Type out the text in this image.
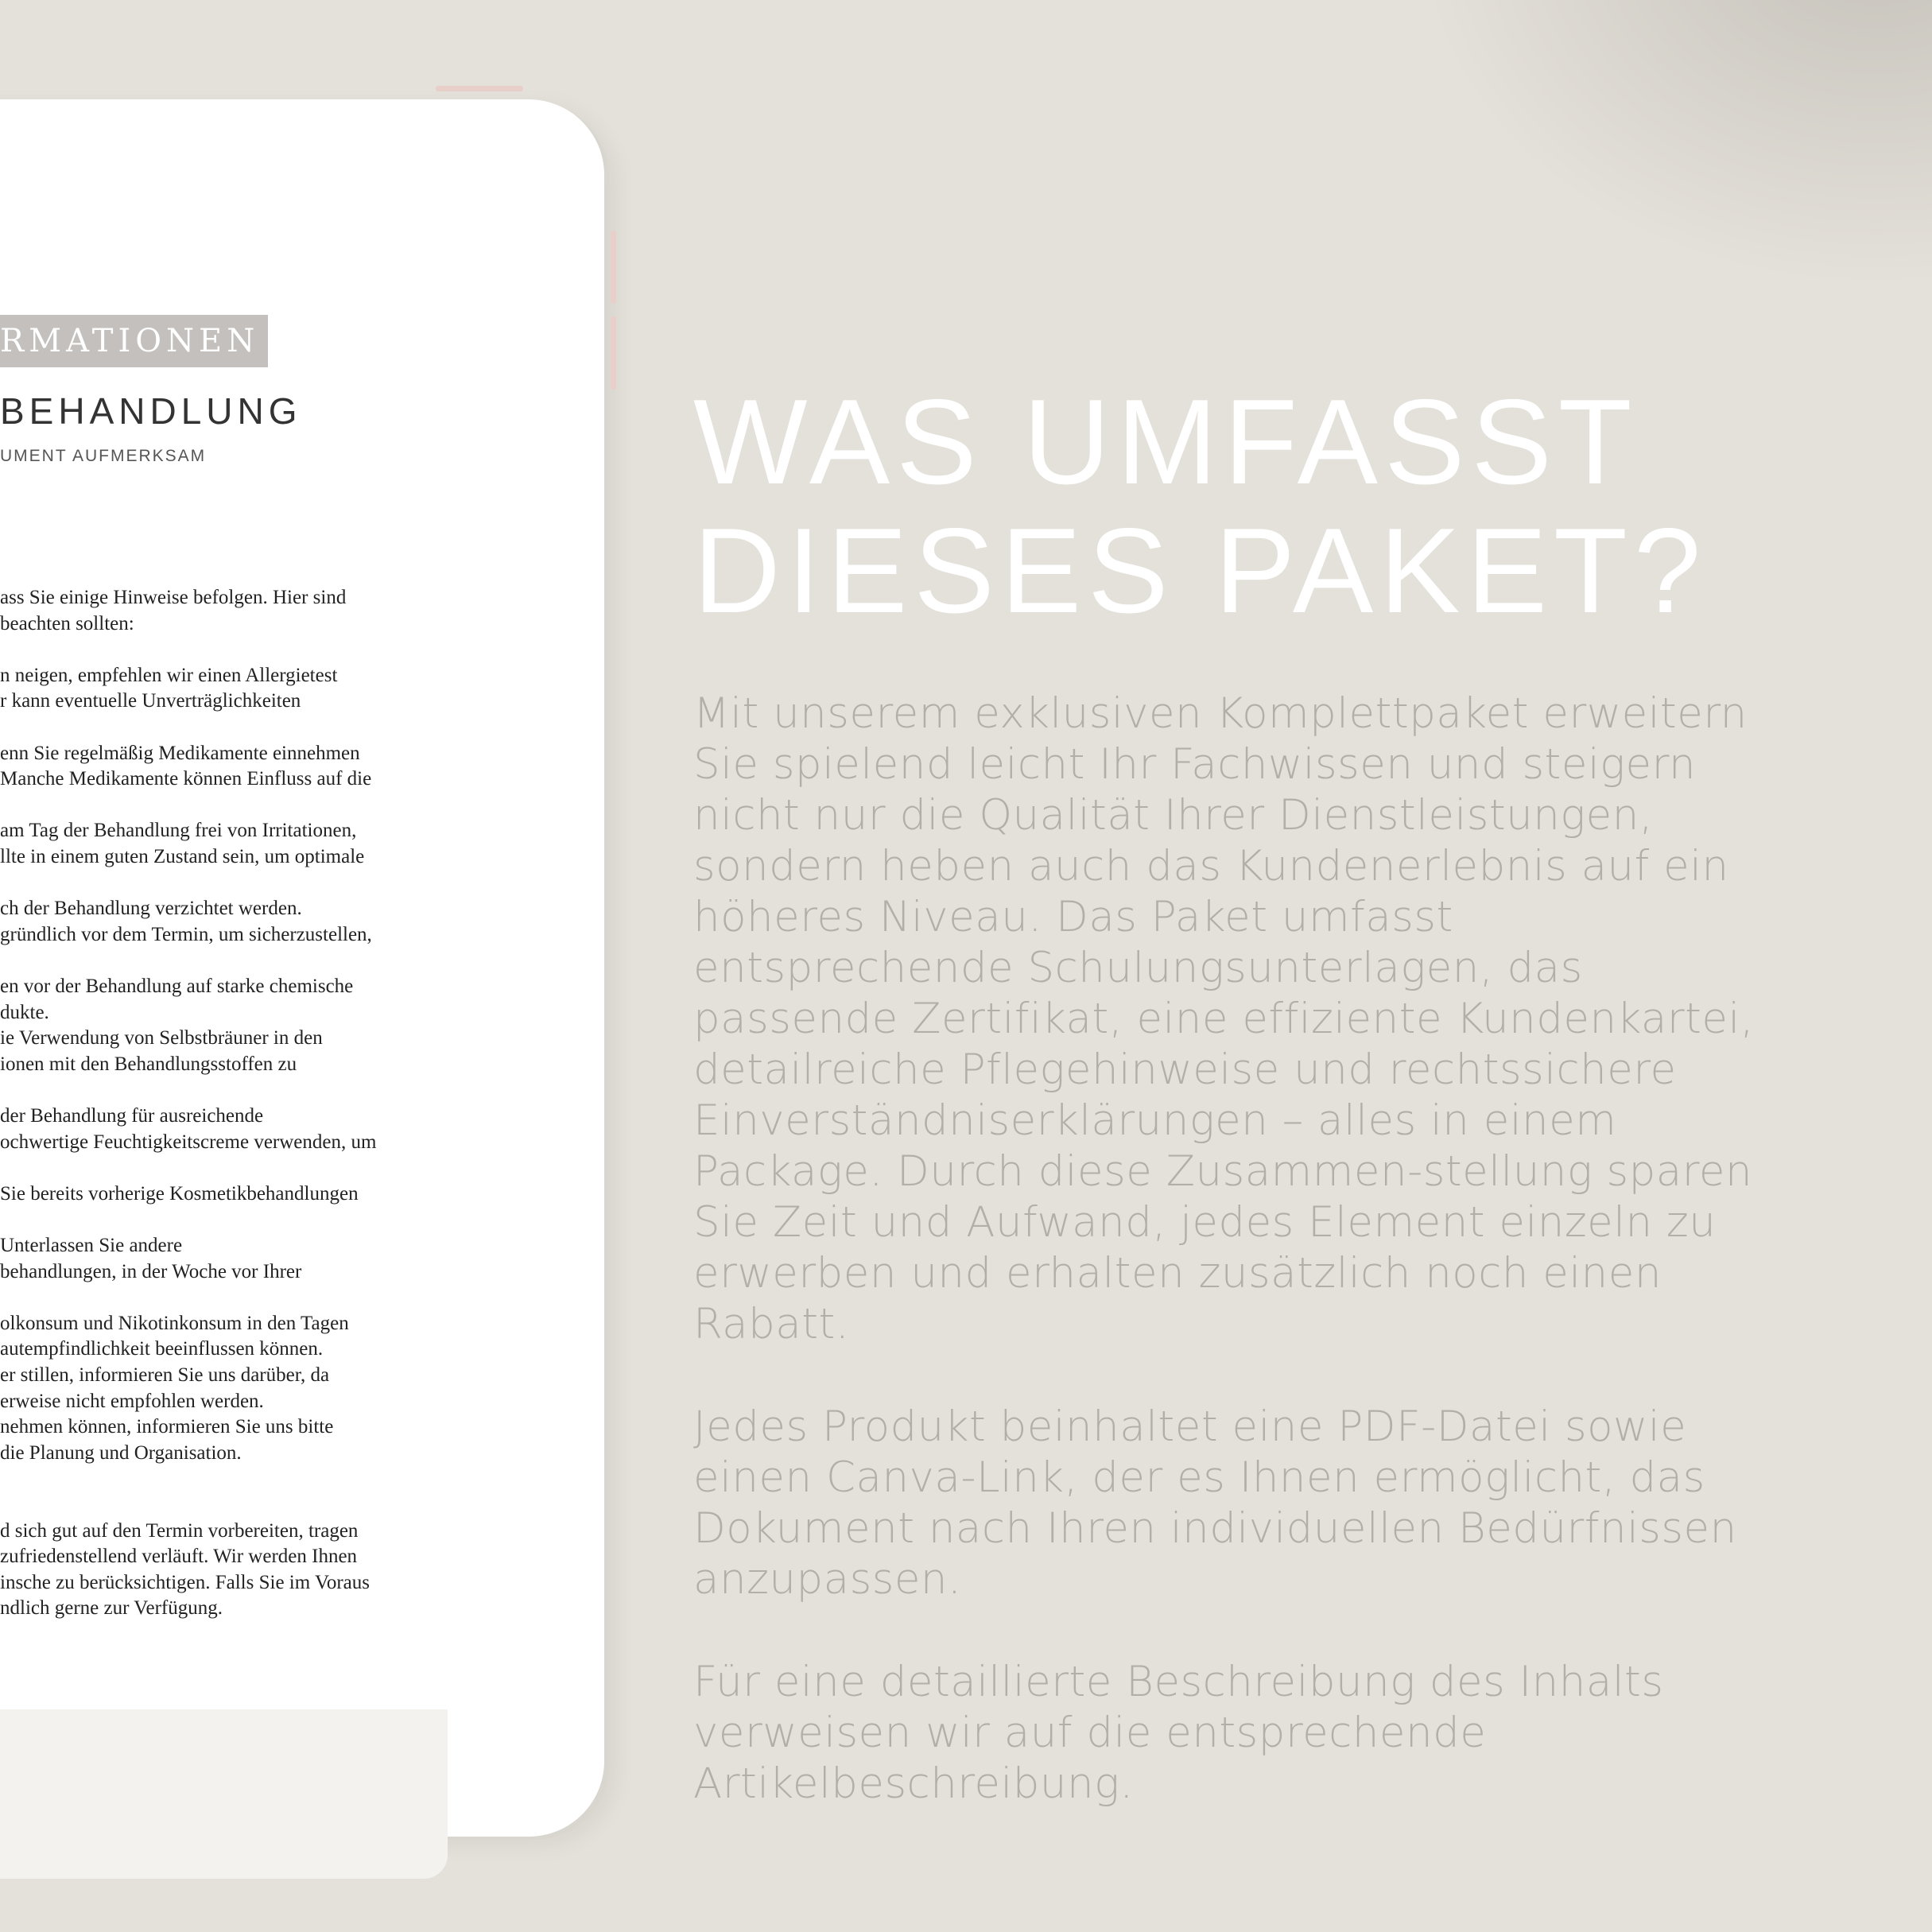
RMATIONEN
BEHANDLUNG
UMENT AUFMERKSAM
ass Sie einige Hinweise befolgen. Hier sind
beachten sollten:
n neigen, empfehlen wir einen Allergietest
r kann eventuelle Unverträglichkeiten
enn Sie regelmäßig Medikamente einnehmen
Manche Medikamente können Einfluss auf die
am Tag der Behandlung frei von Irritationen,
llte in einem guten Zustand sein, um optimale
ch der Behandlung verzichtet werden.
gründlich vor dem Termin, um sicherzustellen,
en vor der Behandlung auf starke chemische
dukte.
ie Verwendung von Selbstbräuner in den
ionen mit den Behandlungsstoffen zu
der Behandlung für ausreichende
ochwertige Feuchtigkeitscreme verwenden, um
Sie bereits vorherige Kosmetikbehandlungen
Unterlassen Sie andere
behandlungen, in der Woche vor Ihrer
olkonsum und Nikotinkonsum in den Tagen
autempfindlichkeit beeinflussen können.
er stillen, informieren Sie uns darüber, da
erweise nicht empfohlen werden.
nehmen können, informieren Sie uns bitte
die Planung und Organisation.
d sich gut auf den Termin vorbereiten, tragen
zufriedenstellend verläuft. Wir werden Ihnen
insche zu berücksichtigen. Falls Sie im Voraus
ndlich gerne zur Verfügung.
WAS UMFASST
DIESES PAKET?
Mit unserem exklusiven Komplettpaket erweitern
Sie spielend leicht Ihr Fachwissen und steigern
nicht nur die Qualität Ihrer Dienstleistungen,
sondern heben auch das Kundenerlebnis auf ein
höheres Niveau. Das Paket umfasst
entsprechende Schulungsunterlagen, das
passende Zertifikat, eine effiziente Kundenkartei,
detailreiche Pflegehinweise und rechtssichere
Einverständniserklärungen – alles in einem
Package. Durch diese Zusammen-stellung sparen
Sie Zeit und Aufwand, jedes Element einzeln zu
erwerben und erhalten zusätzlich noch einen
Rabatt.
Jedes Produkt beinhaltet eine PDF-Datei sowie
einen Canva-Link, der es Ihnen ermöglicht, das
Dokument nach Ihren individuellen Bedürfnissen
anzupassen.
Für eine detaillierte Beschreibung des Inhalts
verweisen wir auf die entsprechende
Artikelbeschreibung.
